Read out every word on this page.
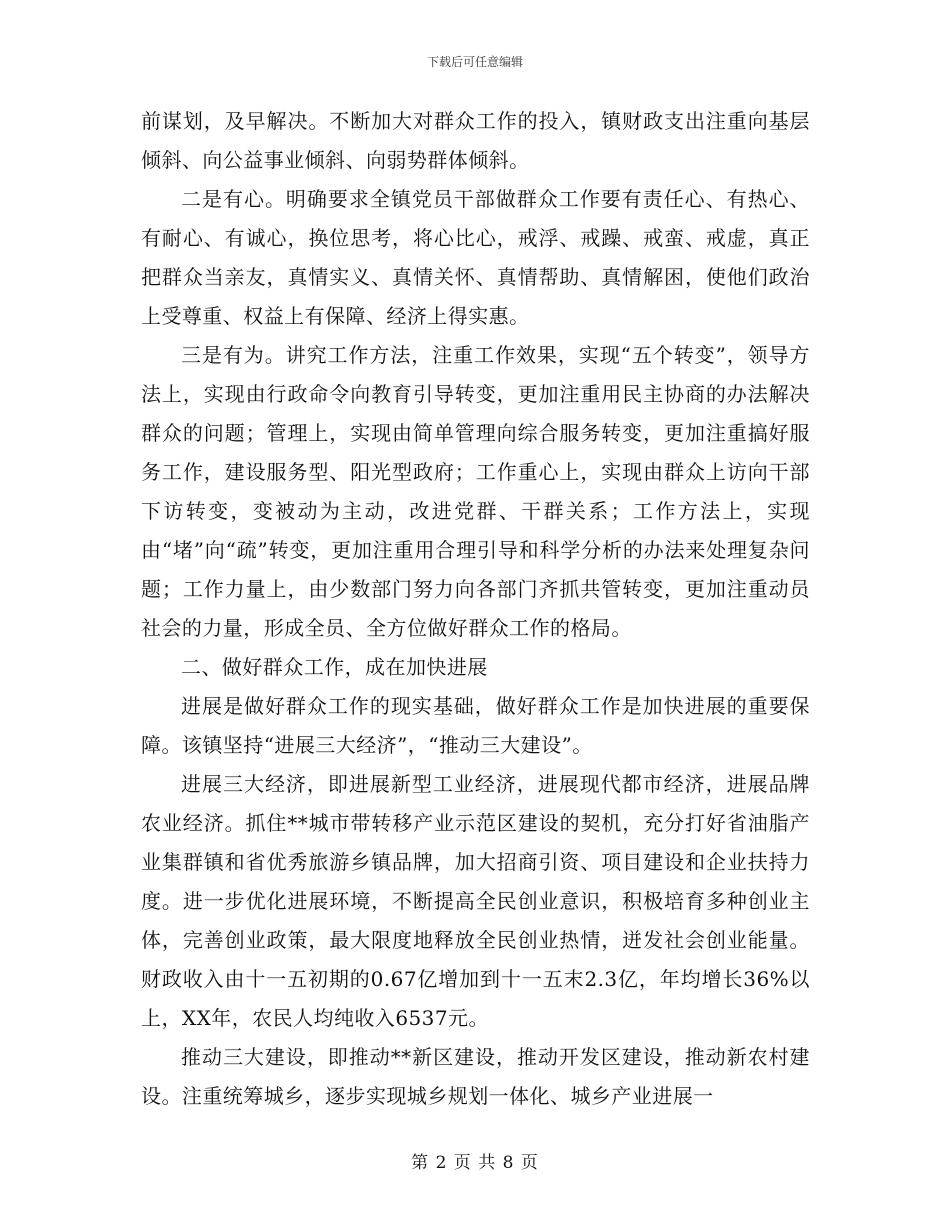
下载后可任意编辑

前谋划，及早解决。不断加大对群众工作的投入，镇财政支出注重向基层倾斜、向公益事业倾斜、向弱势群体倾斜。

二是有心。明确要求全镇党员干部做群众工作要有责任心、有热心、有耐心、有诚心，换位思考，将心比心，戒浮、戒躁、戒蛮、戒虚，真正把群众当亲友，真情实义、真情关怀、真情帮助、真情解困，使他们政治上受尊重、权益上有保障、经济上得实惠。

三是有为。讲究工作方法，注重工作效果，实现“五个转变”，领导方法上，实现由行政命令向教育引导转变，更加注重用民主协商的办法解决群众的问题；管理上，实现由简单管理向综合服务转变，更加注重搞好服务工作，建设服务型、阳光型政府；工作重心上，实现由群众上访向干部下访转变，变被动为主动，改进党群、干群关系；工作方法上，实现由“堵”向“疏”转变，更加注重用合理引导和科学分析的办法来处理复杂问题；工作力量上，由少数部门努力向各部门齐抓共管转变，更加注重动员社会的力量，形成全员、全方位做好群众工作的格局。

二、做好群众工作，成在加快进展

进展是做好群众工作的现实基础，做好群众工作是加快进展的重要保障。该镇坚持“进展三大经济”，“推动三大建设”。

进展三大经济，即进展新型工业经济，进展现代都市经济，进展品牌农业经济。抓住**城市带转移产业示范区建设的契机，充分打好省油脂产业集群镇和省优秀旅游乡镇品牌，加大招商引资、项目建设和企业扶持力度。进一步优化进展环境，不断提高全民创业意识，积极培育多种创业主体，完善创业政策，最大限度地释放全民创业热情，迸发社会创业能量。财政收入由十一五初期的0.67亿增加到十一五末2.3亿，年均增长36%以上，XX年，农民人均纯收入6537元。

推动三大建设，即推动**新区建设，推动开发区建设，推动新农村建设。注重统筹城乡，逐步实现城乡规划一体化、城乡产业进展一

第 2 页 共 8 页
